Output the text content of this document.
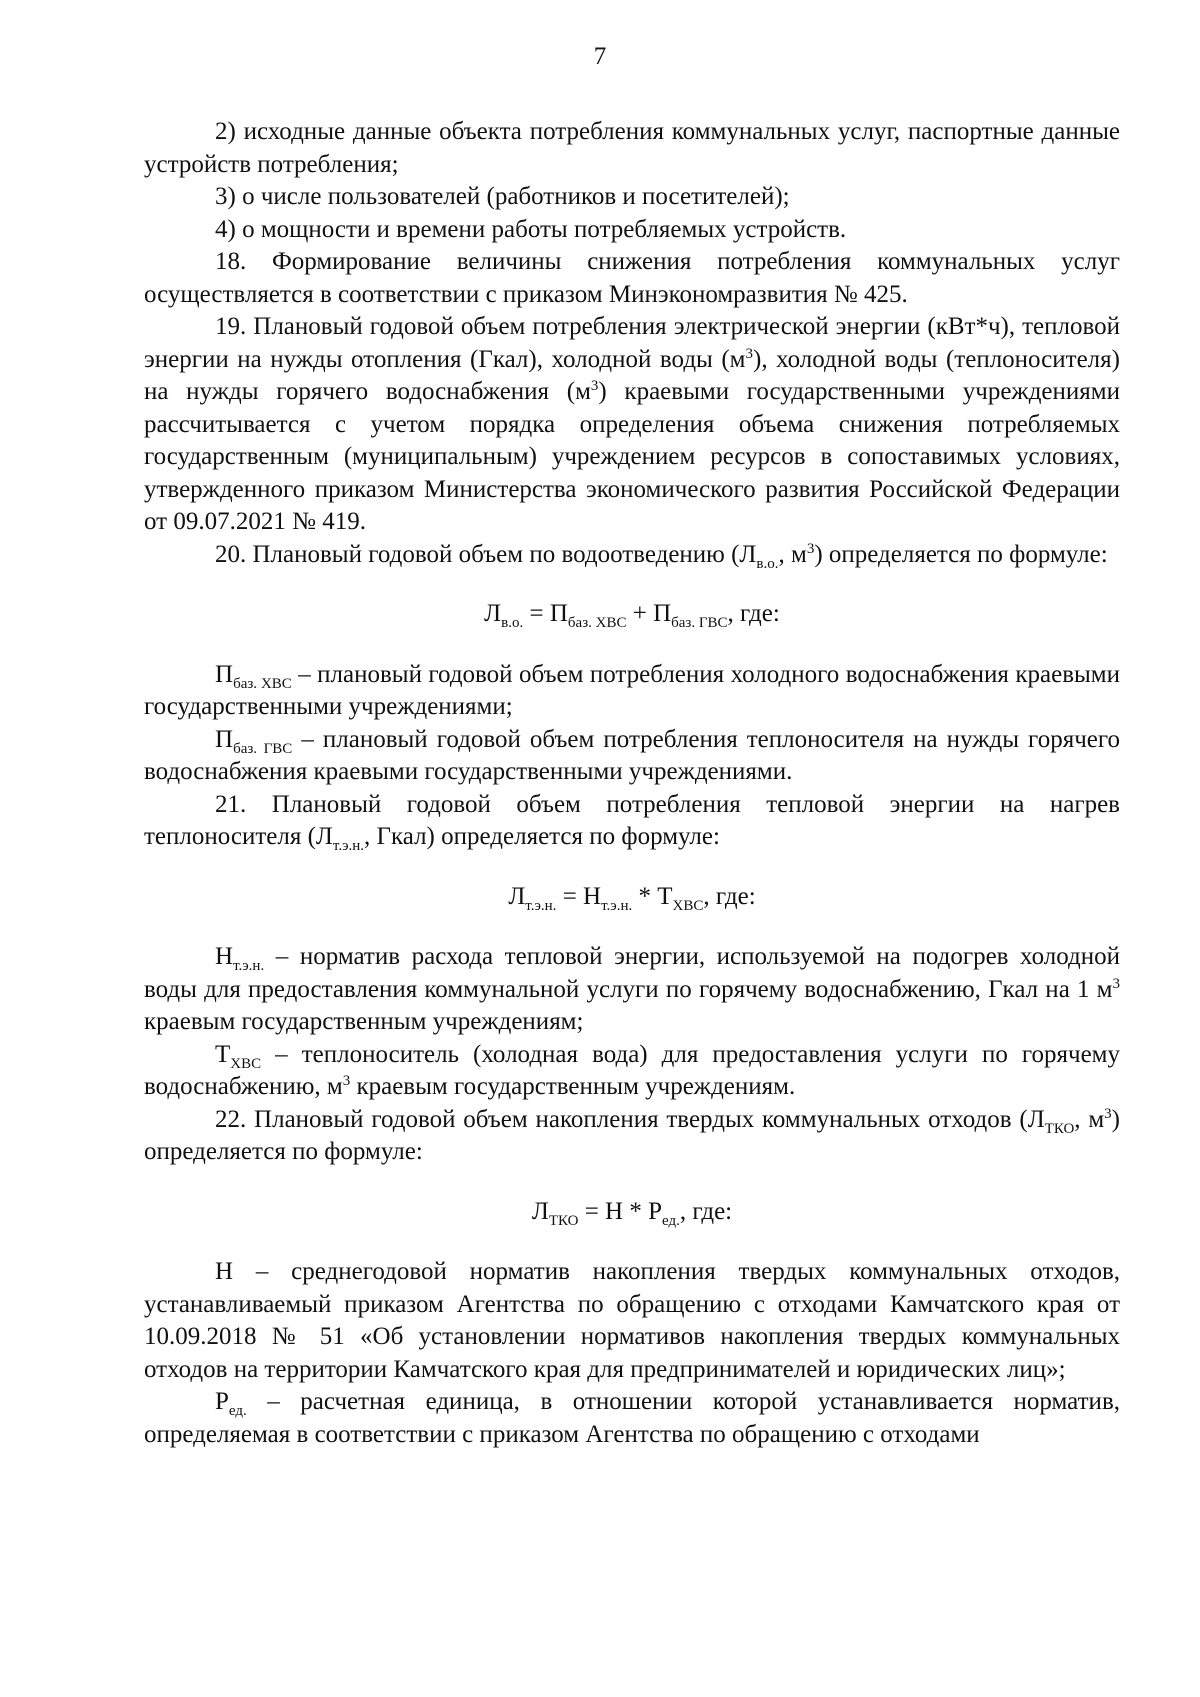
7

2) исходные данные объекта потребления коммунальных услуг, паспортные данные устройств потребления;

3) о числе пользователей (работников и посетителей);

4) о мощности и времени работы потребляемых устройств.

18. Формирование величины снижения потребления коммунальных услуг осуществляется в соответствии с приказом Минэкономразвития № 425.

19. Плановый годовой объем потребления электрической энергии (кВт*ч), тепловой энергии на нужды отопления (Гкал), холодной воды $(м^3)$, холодной воды (теплоносителя) на нужды горячего водоснабжения $(м^3)$ краевыми государственными учреждениями рассчитывается с учетом порядка определения объема снижения потребляемых государственным (муниципальным) учреждением ресурсов в сопоставимых условиях, утвержденного приказом Министерства экономического развития Российской Федерации от 09.07.2021 № 419.

20. Плановый годовой объем по водоотведению ($Л_{в.о.}$, $м^3$) определяется по формуле:

$Л_{в.о.} = П_{баз. ХВС} + П_{баз. ГВС}$, где:

$П_{баз. ХВС}$ – плановый годовой объем потребления холодного водоснабжения краевыми государственными учреждениями;

$П_{баз. ГВС}$ – плановый годовой объем потребления теплоносителя на нужды горячего водоснабжения краевыми государственными учреждениями.

21. Плановый годовой объем потребления тепловой энергии на нагрев теплоносителя ($Л_{т.э.н.}$, Гкал) определяется по формуле:

$Л_{т.э.н.} = Н_{т.э.н.} * Т_{ХВС}$, где:

$Н_{т.э.н.}$ – норматив расхода тепловой энергии, используемой на подогрев холодной воды для предоставления коммунальной услуги по горячему водоснабжению, Гкал на 1 $м^3$ краевым государственным учреждениям;

$Т_{ХВС}$ – теплоноситель (холодная вода) для предоставления услуги по горячему водоснабжению, $м^3$ краевым государственным учреждениям.

22. Плановый годовой объем накопления твердых коммунальных отходов ($Л_{ТКО}$, $м^3$) определяется по формуле:

$Л_{ТКО} = Н * Р_{ед.}$, где:

Н – среднегодовой норматив накопления твердых коммунальных отходов, устанавливаемый приказом Агентства по обращению с отходами Камчатского края от 10.09.2018 № 51 «Об установлении нормативов накопления твердых коммунальных отходов на территории Камчатского края для предпринимателей и юридических лиц»;

$Р_{ед.}$ – расчетная единица, в отношении которой устанавливается норматив, определяемая в соответствии с приказом Агентства по обращению с отходами
